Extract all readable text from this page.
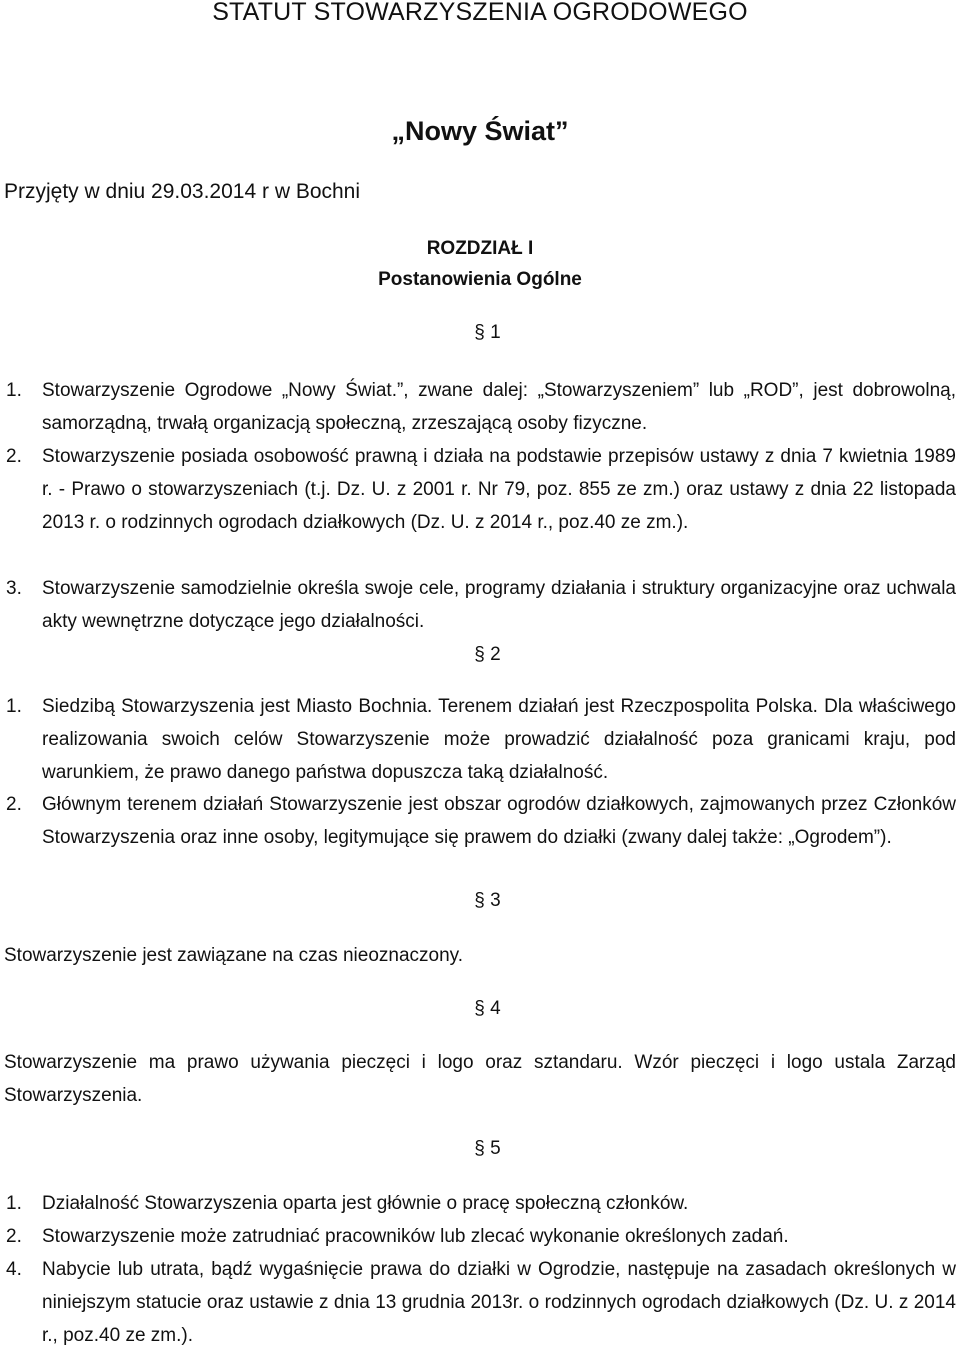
STATUT STOWARZYSZENIA OGRODOWEGO
„Nowy Świat”
Przyjęty w dniu 29.03.2014 r w Bochni
ROZDZIAŁ I
Postanowienia Ogólne
§ 1
1.	Stowarzyszenie Ogrodowe „Nowy Świat.”, zwane dalej: „Stowarzyszeniem” lub „ROD”, jest dobrowolną, samorządną, trwałą organizacją społeczną, zrzeszającą osoby fizyczne.
2.	Stowarzyszenie posiada osobowość prawną i działa na podstawie przepisów ustawy z dnia 7 kwietnia 1989 r. - Prawo o stowarzyszeniach (t.j. Dz. U. z 2001 r. Nr 79, poz. 855 ze zm.) oraz ustawy z dnia 22 listopada 2013 r. o rodzinnych ogrodach działkowych (Dz. U. z 2014 r., poz.40 ze zm.).
3.	Stowarzyszenie samodzielnie określa swoje cele, programy działania i struktury organizacyjne oraz uchwala akty wewnętrzne dotyczące jego działalności.
§ 2
1.	Siedzibą Stowarzyszenia jest Miasto Bochnia. Terenem działań jest Rzeczpospolita Polska. Dla właściwego realizowania swoich celów Stowarzyszenie może prowadzić działalność poza granicami kraju, pod warunkiem, że prawo danego państwa dopuszcza taką działalność.
2.	Głównym terenem działań Stowarzyszenie jest obszar ogrodów działkowych, zajmowanych przez Członków Stowarzyszenia oraz inne osoby, legitymujące się prawem do działki (zwany dalej także: „Ogrodem”).
§ 3
Stowarzyszenie jest zawiązane na czas nieoznaczony.
§ 4
Stowarzyszenie ma prawo używania pieczęci i logo oraz sztandaru. Wzór pieczęci i logo ustala Zarząd Stowarzyszenia.
§ 5
1.	Działalność Stowarzyszenia oparta jest głównie o pracę społeczną członków.
2.	Stowarzyszenie może zatrudniać pracowników lub zlecać wykonanie określonych zadań.
4.	Nabycie lub utrata, bądź wygaśnięcie prawa do działki w Ogrodzie, następuje na zasadach określonych w niniejszym statucie oraz ustawie z dnia 13 grudnia 2013r. o rodzinnych ogrodach działkowych (Dz. U. z 2014 r., poz.40 ze zm.).
